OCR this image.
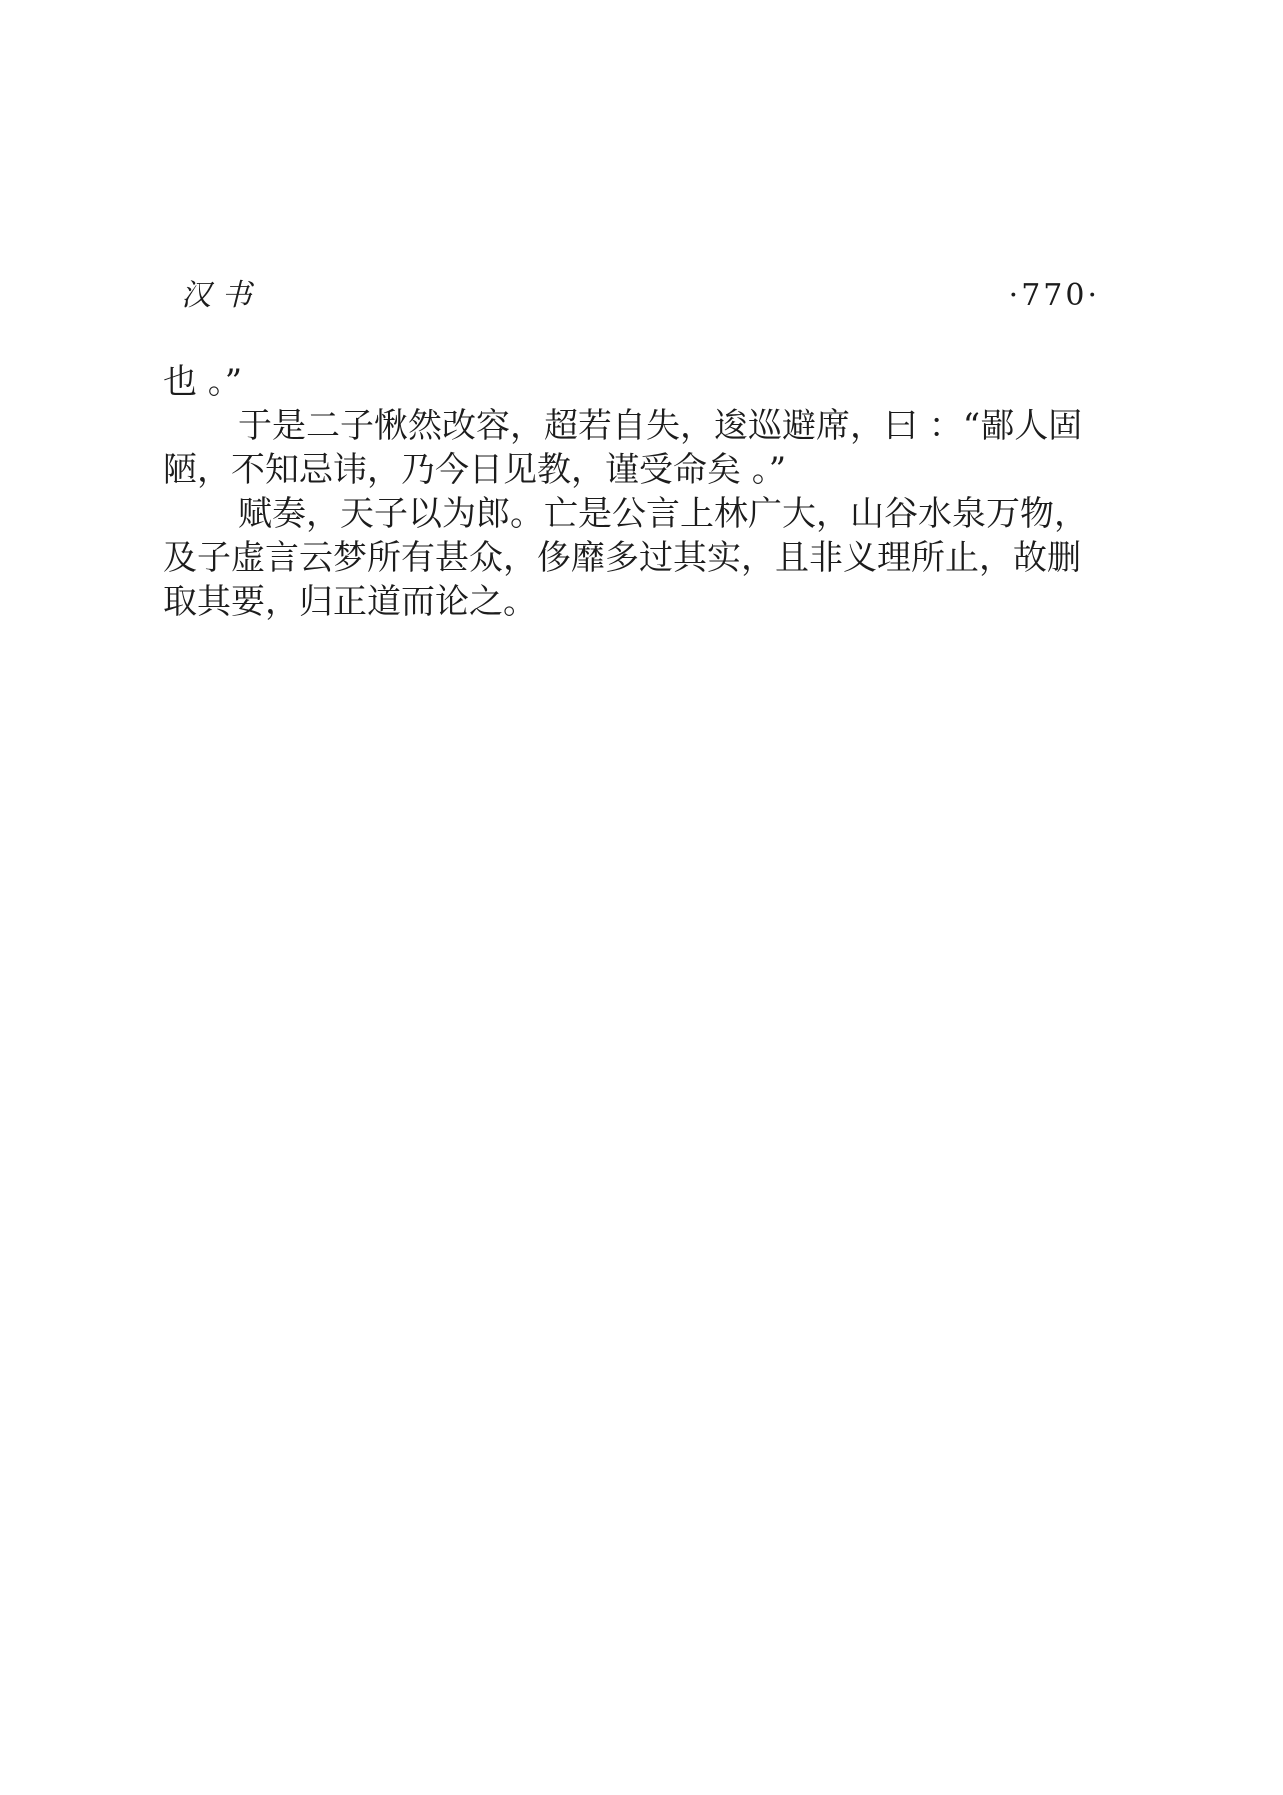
汉书	·770·
也 。”
于是二子愀然改容，超若自失，逡巡避席，曰 ：“鄙人固
陋，不知忌讳，乃今日见教，谨受命矣 。”
赋奏，天子以为郎。亡是公言上林广大，山谷水泉万物，
及子虚言云梦所有甚众，侈靡多过其实，且非义理所止，故删
取其要，归正道而论之。
